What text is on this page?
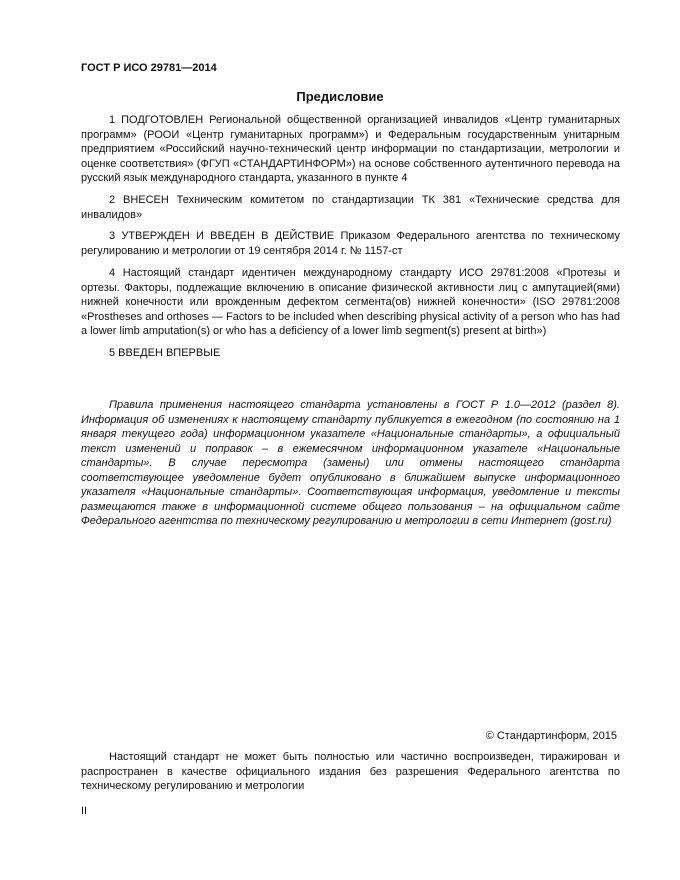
ГОСТ Р ИСО 29781—2014
Предисловие

1 ПОДГОТОВЛЕН Региональной общественной организацией инвалидов «Центр гуманитарных программ» (РООИ «Центр гуманитарных программ») и Федеральным государственным унитарным предприятием «Российский научно-технический центр информации по стандартизации, метрологии и оценке соответствия» (ФГУП «СТАНДАРТИНФОРМ») на основе собственного аутентичного перевода на русский язык международного стандарта, указанного в пункте 4

2 ВНЕСЕН Техническим комитетом по стандартизации ТК 381 «Технические средства для инвалидов»

3 УТВЕРЖДЕН И ВВЕДЕН В ДЕЙСТВИЕ Приказом Федерального агентства по техническому регулированию и метрологии от 19 сентября 2014 г. № 1157-ст

4 Настоящий стандарт идентичен международному стандарту ИСО 29781:2008 «Протезы и ортезы. Факторы, подлежащие включению в описание физической активности лиц с ампутацией(ями) нижней конечности или врожденным дефектом сегмента(ов) нижней конечности» (ISO 29781:2008 «Prostheses and orthoses — Factors to be included when describing physical activity of a person who has had a lower limb amputation(s) or who has a deficiency of a lower limb segment(s) present at birth»)

5 ВВЕДЕН ВПЕРВЫЕ

Правила применения настоящего стандарта установлены в ГОСТ Р 1.0—2012 (раздел 8). Информация об изменениях к настоящему стандарту публикуется в ежегодном (по состоянию на 1 января текущего года) информационном указателе «Национальные стандарты», а официальный текст изменений и поправок – в ежемесячном информационном указателе «Национальные стандарты». В случае пересмотра (замены) или отмены настоящего стандарта соответствующее уведомление будет опубликовано в ближайшем выпуске информационного указателя «Национальные стандарты». Соответствующая информация, уведомление и тексты размещаются также в информационной системе общего пользования – на официальном сайте Федерального агентства по техническому регулированию и метрологии в сети Интернет (gost.ru)

© Стандартинформ, 2015

Настоящий стандарт не может быть полностью или частично воспроизведен, тиражирован и распространен в качестве официального издания без разрешения Федерального агентства по техническому регулированию и метрологии

II
